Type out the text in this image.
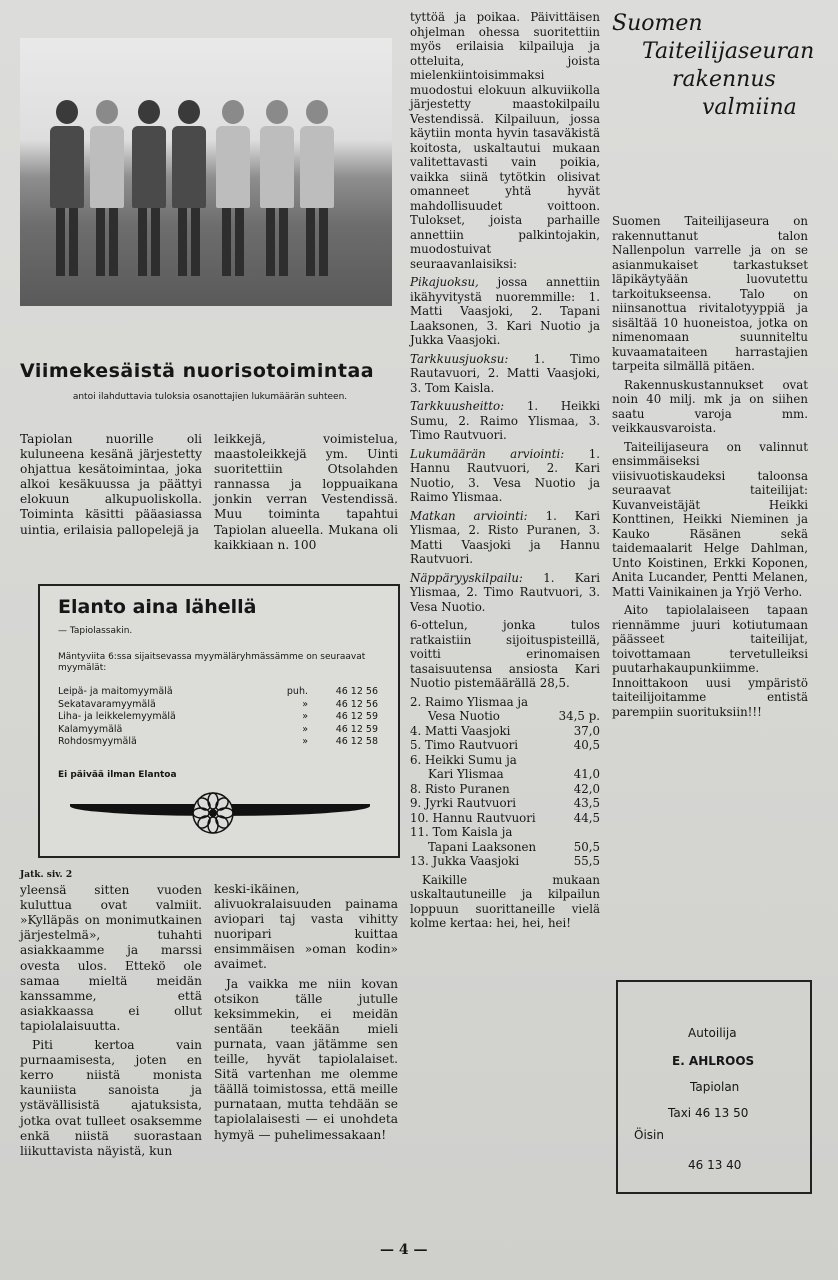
Viimekesäistä nuorisotoimintaa
antoi ilahduttavia tuloksia osanottajien lukumäärän suhteen.

Tapiolan nuorille oli kuluneena kesänä järjestetty ohjattua kesätoimintaa, joka alkoi kesäkuussa ja päättyi elokuun alkupuoliskolla. Toiminta käsitti pääasiassa uintia, erilaisia pallopelejä ja

leikkejä, voimistelua, maastoleikkejä ym. Uinti suoritettiin Otsolahden rannassa ja loppuaikana jonkin verran Vestendissä. Muu toiminta tapahtui Tapiolan alueella. Mukana oli kaikkiaan n. 100

Elanto aina lähellä
— Tapiolassakin.
Mäntyviita 6:ssa sijaitsevassa myymäläryhmässämme on seuraavat myymälät:
Leipä- ja maitomyymälä	puh.	46 12 56
Sekatavaramyymälä	»	46 12 56
Liha- ja leikkelemyymälä	»	46 12 59
Kalamyymälä	»	46 12 59
Rohdosmyymälä	»	46 12 58
Ei päivää ilman Elantoa

Jatk. siv. 2

yleensä sitten vuoden kuluttua ovat valmiit. »Kylläpäs on monimutkainen järjestelmä», tuhahti asiakkaamme ja marssi ovesta ulos. Ettekö ole samaa mieltä meidän kanssamme, että asiakkaassa ei ollut tapiolalaisuutta.

Piti kertoa vain purnaamisesta, joten en kerro niistä monista kauniista sanoista ja ystävällisistä ajatuksista, jotka ovat tulleet osaksemme enkä niistä suorastaan liikuttavista näyistä, kun

keski-ikäinen, alivuokralaisuuden painama aviopari taj vasta vihitty nuoripari kuittaa ensimmäisen »oman kodin» avaimet.

Ja vaikka me niin kovan otsikon tälle jutulle keksimmekin, ei meidän sentään teekään mieli purnata, vaan jätämme sen teille, hyvät tapiolalaiset. Sitä vartenhan me olemme täällä toimistossa, että meille purnataan, mutta tehdään se tapiolalaisesti — ei unohdeta hymyä — puhelimessakaan!

tyttöä ja poikaa. Päivittäisen ohjelman ohessa suoritettiin myös erilaisia kilpailuja ja otteluita, joista mielenkiintoisimmaksi muodostui elokuun alkuviikolla järjestetty maastokilpailu Vestendissä. Kilpailuun, jossa käytiin monta hyvin tasaväkistä koitosta, uskaltautui mukaan valitettavasti vain poikia, vaikka siinä tytötkin olisivat omanneet yhtä hyvät mahdollisuudet voittoon. Tulokset, joista parhaille annettiin palkintojakin, muodostuivat seuraavanlaisiksi:

Pikajuoksu, jossa annettiin ikähyvitystä nuoremmille: 1. Matti Vaasjoki, 2. Tapani Laaksonen, 3. Kari Nuotio ja Jukka Vaasjoki.

Tarkkuusjuoksu: 1. Timo Rautavuori, 2. Matti Vaasjoki, 3. Tom Kaisla.

Tarkkuusheitto: 1. Heikki Sumu, 2. Raimo Ylismaa, 3. Timo Rautvuori.

Lukumäärän arviointi: 1. Hannu Rautvuori, 2. Kari Nuotio, 3. Vesa Nuotio ja Raimo Ylismaa.

Matkan arviointi: 1. Kari Ylismaa, 2. Risto Puranen, 3. Matti Vaasjoki ja Hannu Rautvuori.

Näppäryyskilpailu: 1. Kari Ylismaa, 2. Timo Rautvuori, 3. Vesa Nuotio.

6-ottelun, jonka tulos ratkaistiin sijoituspisteillä, voitti erinomaisen tasaisuutensa ansiosta Kari Nuotio pistemäärällä 28,5.

2. Raimo Ylismaa ja
Vesa Nuotio	34,5 p.
4. Matti Vaasjoki	37,0
5. Timo Rautvuori	40,5
6. Heikki Sumu ja
Kari Ylismaa	41,0
8. Risto Puranen	42,0
9. Jyrki Rautvuori	43,5
10. Hannu Rautvuori	44,5
11. Tom Kaisla ja
Tapani Laaksonen	50,5
13. Jukka Vaasjoki	55,5

Kaikille mukaan uskaltautuneille ja kilpailun loppuun suorittaneille vielä kolme kertaa: hei, hei, hei!

Suomen
Taiteilijaseuran
rakennus
valmiina

Suomen Taiteilijaseura on rakennuttanut talon Nallenpolun varrelle ja on se asianmukaiset tarkastukset läpikäytyään luovutettu tarkoitukseensa. Talo on niinsanottua rivitalotyyppiä ja sisältää 10 huoneistoa, jotka on nimenomaan suunniteltu kuvaamataiteen harrastajien tarpeita silmällä pitäen.

Rakennuskustannukset ovat noin 40 milj. mk ja on siihen saatu varoja mm. veikkausvaroista.

Taiteilijaseura on valinnut ensimmäiseksi viisivuotiskaudeksi taloonsa seuraavat taiteilijat: Kuvanveistäjät Heikki Konttinen, Heikki Nieminen ja Kauko Räsänen sekä taidemaalarit Helge Dahlman, Unto Koistinen, Erkki Koponen, Anita Lucander, Pentti Melanen, Matti Vainikainen ja Yrjö Verho.

Aito tapiolalaiseen tapaan riennämme juuri kotiutumaan päässeet taiteilijat, toivottamaan tervetulleiksi puutarhakaupunkiimme. Innoittakoon uusi ympäristö taiteilijoitamme entistä parempiin suorituksiin!!!

Autoilija
E. AHLROOS
Tapiolan
Taxi 46 13 50
Öisin
46 13 40
— 4 —
